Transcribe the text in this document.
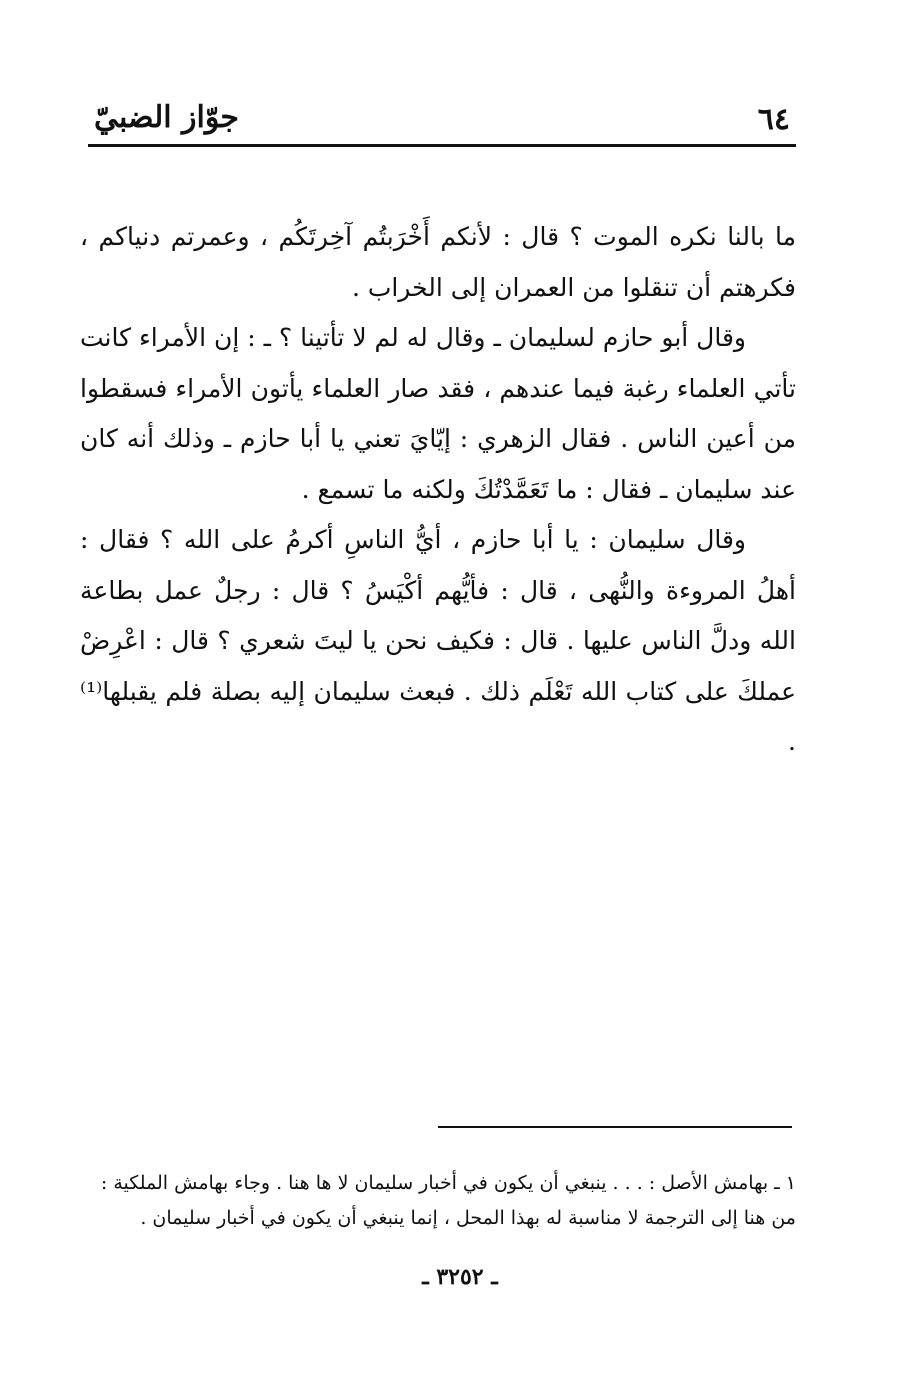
٦٤
جوّاز الضبيّ

ما بالنا نكره الموت ؟ قال : لأنكم أَخْرَبتُم آخِرتَكُم ، وعمرتم دنياكم ، فكرهتم أن تنقلوا من العمران إلى الخراب .

وقال أبو حازم لسليمان ـ وقال له لم لا تأتينا ؟ ـ : إن الأمراء كانت تأتي العلماء رغبة فيما عندهم ، فقد صار العلماء يأتون الأمراء فسقطوا من أعين الناس . فقال الزهري : إيّايَ تعني يا أبا حازم ـ وذلك أنه كان عند سليمان ـ فقال : ما تَعَمَّدْتُكَ ولكنه ما تسمع .

وقال سليمان : يا أبا حازم ، أيُّ الناسِ أكرمُ على الله ؟ فقال : أهلُ المروءة والنُّهى ، قال : فأيُّهم أكْيَسُ ؟ قال : رجلٌ عمل بطاعة الله ودلَّ الناس عليها . قال : فكيف نحن يا ليتَ شعري ؟ قال : اعْرِضْ عملكَ على كتاب الله تَعْلَم ذلك . فبعث سليمان إليه بصلة فلم يقبلها⁽¹⁾ .

١ ـ بهامش الأصل : . . . ينبغي أن يكون في أخبار سليمان لا ها هنا . وجاء بهامش الملكية :

من هنا إلى الترجمة لا مناسبة له بهذا المحل ، إنما ينبغي أن يكون في أخبار سليمان .

ـ ٣٢٥٢ ـ
